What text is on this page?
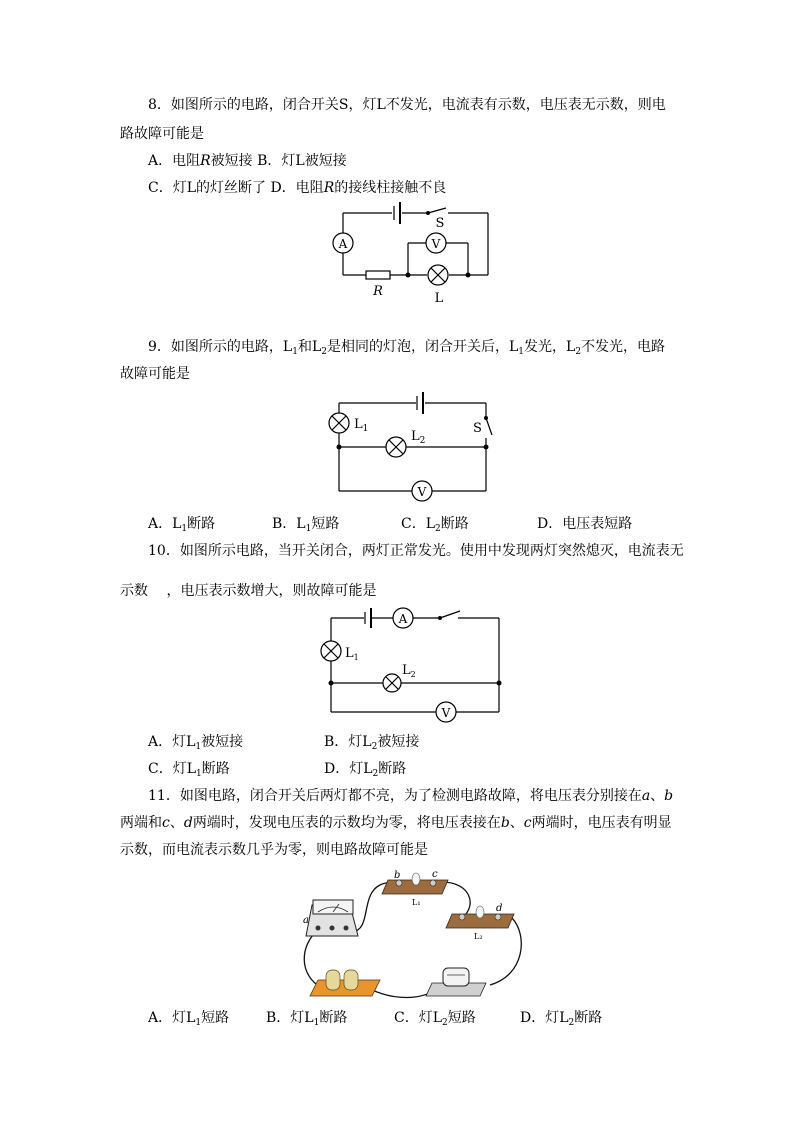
8．如图所示的电路，闭合开关S，灯L不发光，电流表有示数，电压表无示数，则电
路故障可能是
A．电阻R被短接 B．灯L被短接
C．灯L的灯丝断了 D．电阻R的接线柱接触不良
A	V
S
R	L
9．如图所示的电路，$L_1$和$L_2$是相同的灯泡，闭合开关后，$L_1$发光，$L_2$不发光，电路
故障可能是
V
$L_1$	$L_2$
S
A．$L_1$断路	B．$L_1$短路	C．$L_2$断路	D．电压表短路
10．如图所示电路，当开关闭合，两灯正常发光。使用中发现两灯突然熄灭，电流表无
示数　 ，电压表示数增大，则故障可能是
A
V
$L_1$
$L_2$
A．灯$L_1$被短接	B．灯$L_2$被短接
C．灯$L_1$断路	D．灯$L_2$断路
11．如图电路，闭合开关后两灯都不亮，为了检测电路故障，将电压表分别接在a、b
两端和c、d两端时，发现电压表的示数均为零，将电压表接在b、c两端时，电压表有明显
示数，而电流表示数几乎为零，则电路故障可能是
a
b	c
d
L₁
L₂
A．灯$L_1$短路	B．灯$L_1$断路	C．灯$L_2$短路	D．灯$L_2$断路
